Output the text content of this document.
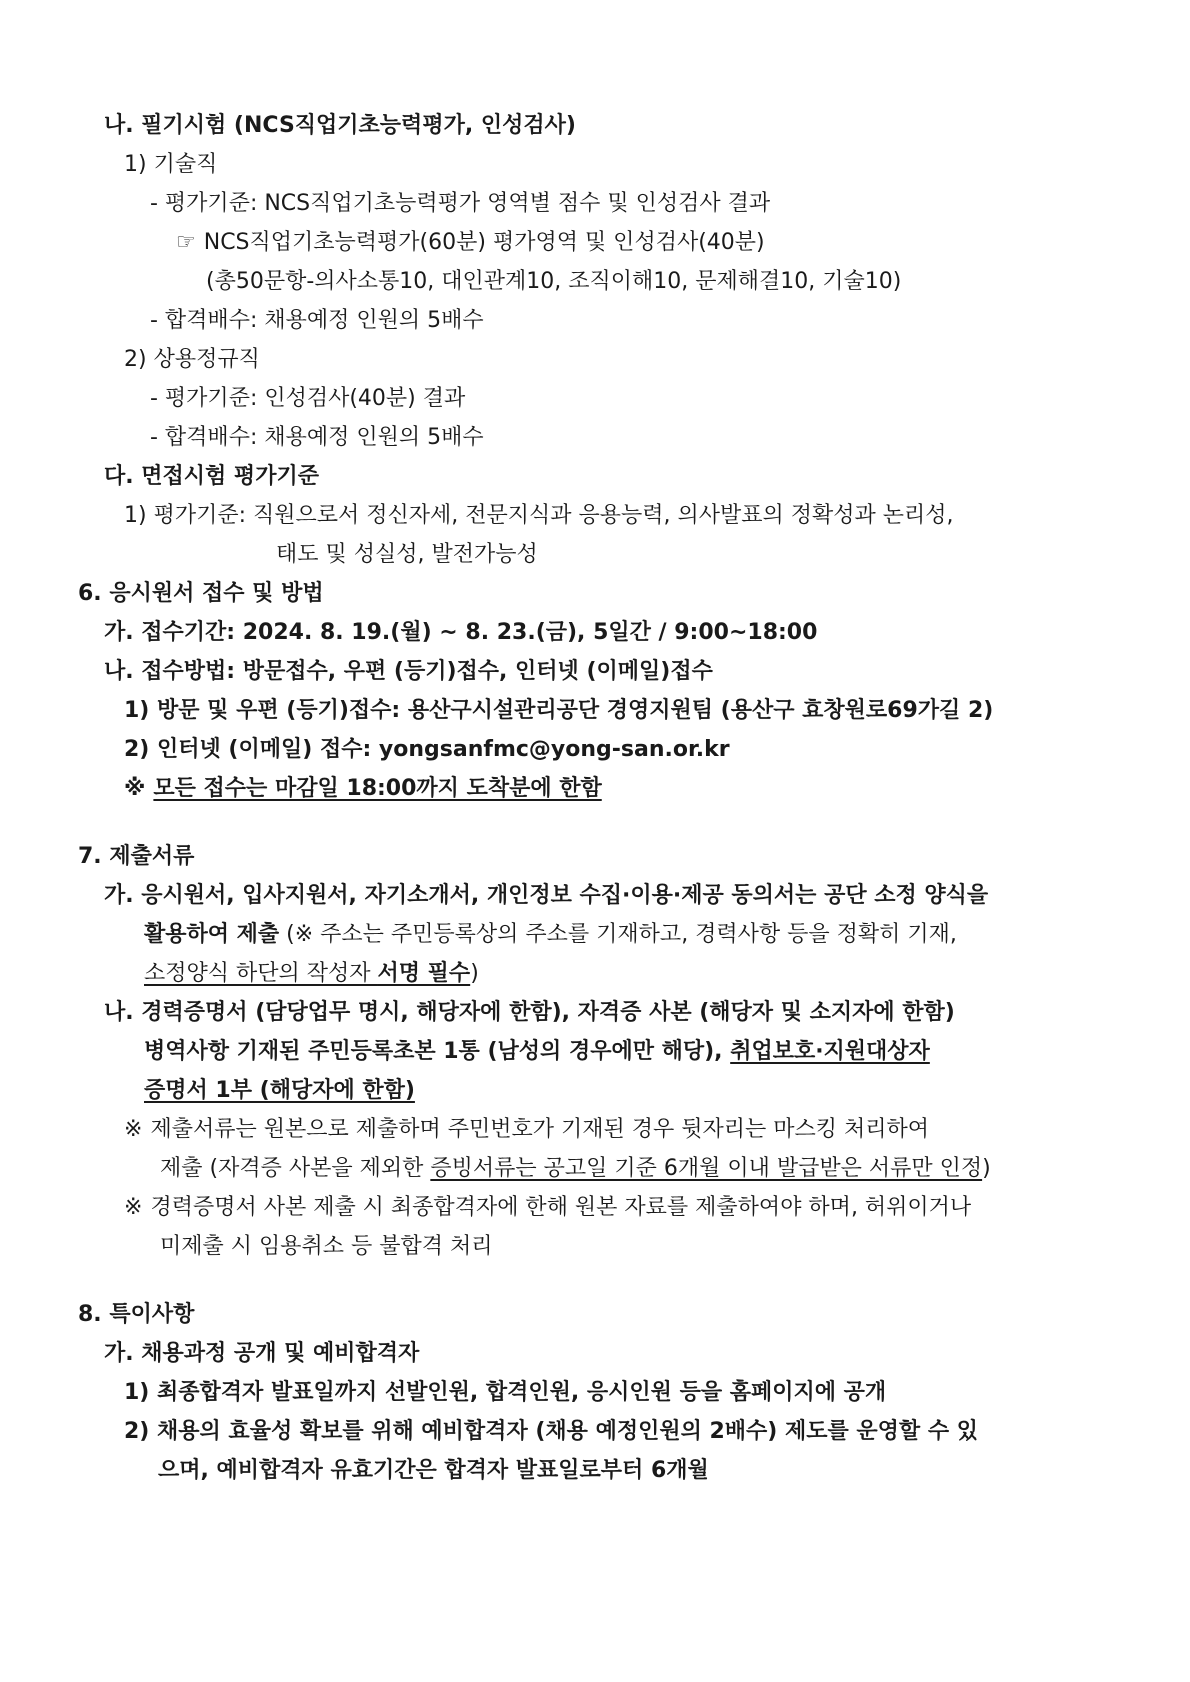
나. 필기시험 (NCS직업기초능력평가, 인성검사)
1) 기술직
- 평가기준: NCS직업기초능력평가 영역별 점수 및 인성검사 결과
☞ NCS직업기초능력평가(60분) 평가영역 및 인성검사(40분)
(총50문항-의사소통10, 대인관계10, 조직이해10, 문제해결10, 기술10)
- 합격배수: 채용예정 인원의 5배수
2) 상용정규직
- 평가기준: 인성검사(40분) 결과
- 합격배수: 채용예정 인원의 5배수
다. 면접시험 평가기준
1) 평가기준: 직원으로서 정신자세, 전문지식과 응용능력, 의사발표의 정확성과 논리성,
태도 및 성실성, 발전가능성
6. 응시원서 접수 및 방법
가. 접수기간: 2024. 8. 19.(월) ~ 8. 23.(금), 5일간 / 9:00~18:00
나. 접수방법: 방문접수, 우편 (등기)접수, 인터넷 (이메일)접수
1) 방문 및 우편 (등기)접수: 용산구시설관리공단 경영지원팀 (용산구 효창원로69가길 2)
2) 인터넷 (이메일) 접수: yongsanfmc@yong-san.or.kr
※ 모든 접수는 마감일 18:00까지 도착분에 한함
7. 제출서류
가. 응시원서, 입사지원서, 자기소개서, 개인정보 수집·이용·제공 동의서는 공단 소정 양식을
활용하여 제출 (※ 주소는 주민등록상의 주소를 기재하고, 경력사항 등을 정확히 기재,
소정양식 하단의 작성자 서명 필수)
나. 경력증명서 (담당업무 명시, 해당자에 한함), 자격증 사본 (해당자 및 소지자에 한함)
병역사항 기재된 주민등록초본 1통 (남성의 경우에만 해당), 취업보호·지원대상자
증명서 1부 (해당자에 한함)
※ 제출서류는 원본으로 제출하며 주민번호가 기재된 경우 뒷자리는 마스킹 처리하여
제출 (자격증 사본을 제외한 증빙서류는 공고일 기준 6개월 이내 발급받은 서류만 인정)
※ 경력증명서 사본 제출 시 최종합격자에 한해 원본 자료를 제출하여야 하며, 허위이거나
미제출 시 임용취소 등 불합격 처리
8. 특이사항
가. 채용과정 공개 및 예비합격자
1) 최종합격자 발표일까지 선발인원, 합격인원, 응시인원 등을 홈페이지에 공개
2) 채용의 효율성 확보를 위해 예비합격자 (채용 예정인원의 2배수) 제도를 운영할 수 있
으며, 예비합격자 유효기간은 합격자 발표일로부터 6개월
